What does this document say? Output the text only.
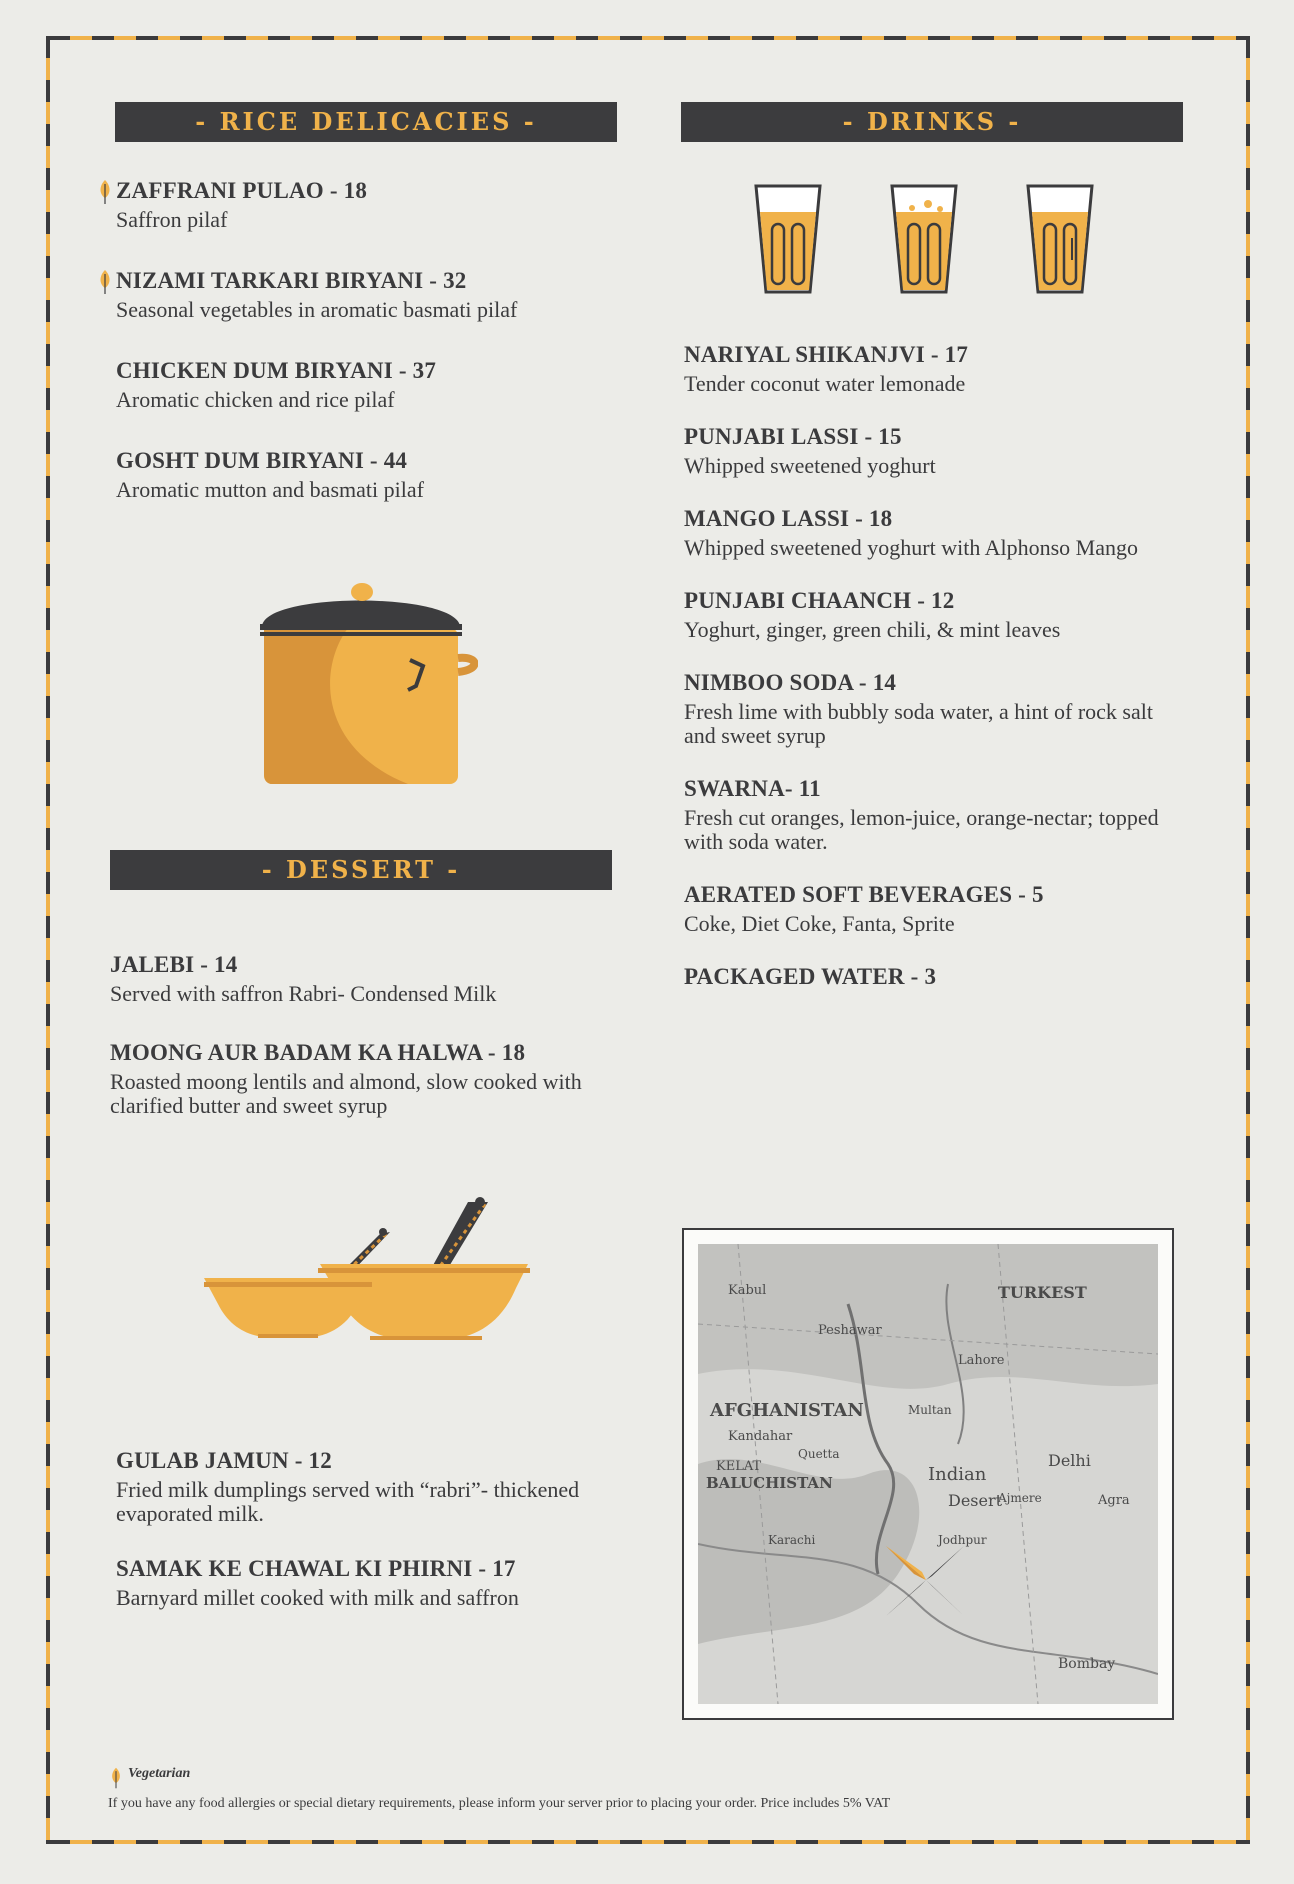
- RICE DELICACIES -	- DRINKS -
- DESSERT -
ZAFFRANI PULAO - 18
Saffron pilaf
NIZAMI TARKARI BIRYANI - 32
Seasonal vegetables in aromatic basmati pilaf
CHICKEN DUM BIRYANI - 37
Aromatic chicken and rice pilaf
GOSHT DUM BIRYANI - 44
Aromatic mutton and basmati pilaf
JALEBI - 14
Served with saffron Rabri- Condensed Milk
MOONG AUR BADAM KA HALWA - 18
Roasted moong lentils and almond, slow cooked with clarified butter and sweet syrup
GULAB JAMUN - 12
Fried milk dumplings served with “rabri”- thickened evaporated milk.
SAMAK KE CHAWAL KI PHIRNI - 17
Barnyard millet cooked with milk and saffron
NARIYAL SHIKANJVI - 17
Tender coconut water lemonade
PUNJABI LASSI - 15
Whipped sweetened yoghurt
MANGO LASSI - 18
Whipped sweetened yoghurt with Alphonso Mango
PUNJABI CHAANCH - 12
Yoghurt, ginger, green chili, & mint leaves
NIMBOO SODA - 14
Fresh lime with bubbly soda water, a hint of rock salt and sweet syrup
SWARNA- 11
Fresh cut oranges, lemon-juice, orange-nectar; topped with soda water.
AERATED SOFT BEVERAGES - 5
Coke, Diet Coke, Fanta, Sprite
PACKAGED WATER - 3
AFGHANISTAN
BALUCHISTAN
Kandahar
Quetta
KELAT	Indian
Desert
Delhi
Bombay
Ajmere
Lahore
Peshawar
TURKEST
Agra
Karachi
Kabul
Jodhpur
Multan
Vegetarian
If you have any food allergies or special dietary requirements, please inform your server prior to placing your order. Price includes 5% VAT
